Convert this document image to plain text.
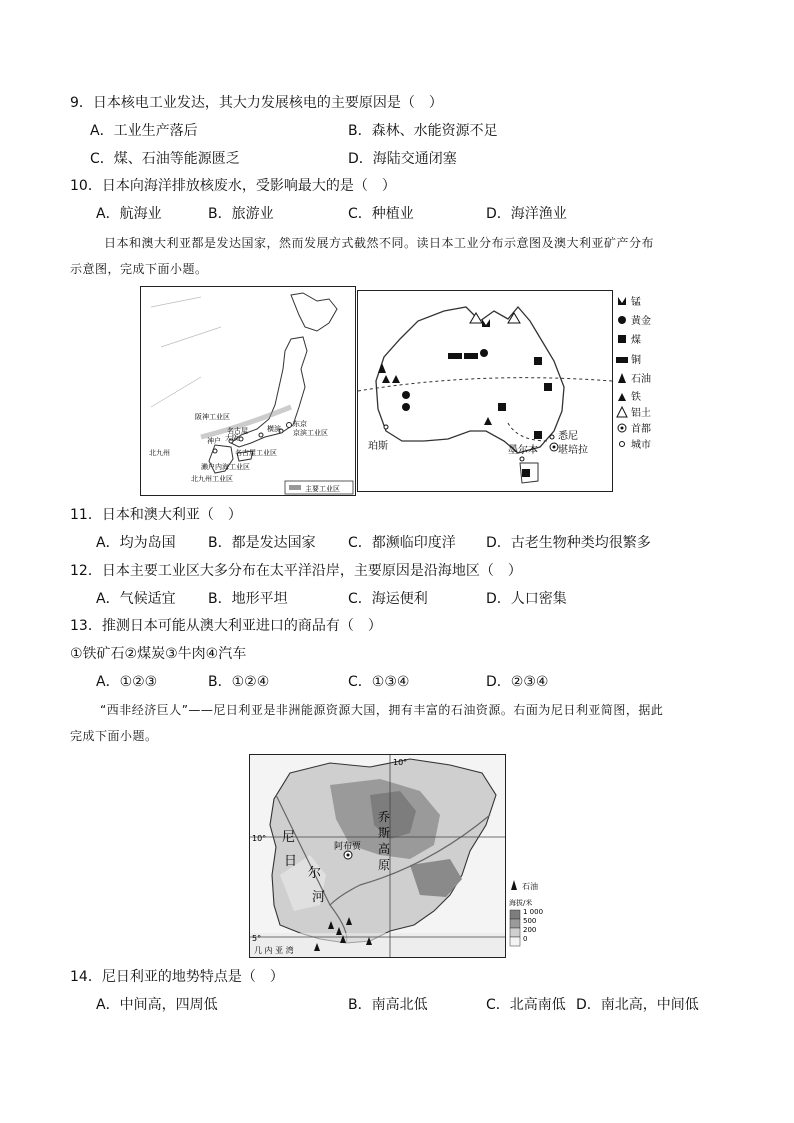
9．日本核电工业发达，其大力发展核电的主要原因是（　）
A．工业生产落后	B．森林、水能资源不足
C．煤、石油等能源匮乏	D．海陆交通闭塞
10．日本向海洋排放核废水，受影响最大的是（　）
A．航海业	B．旅游业	C．种植业	D．海洋渔业
日本和澳大利亚都是发达国家，然而发展方式截然不同。读日本工业分布示意图及澳大利亚矿产分布
示意图，完成下面小题。
阪神工业区
东京
横滨 京滨工业区
名古屋
神户 大阪
名古屋工业区
北九州
濑户内海工业区
北九州工业区
主要工业区
珀斯	墨尔本
悉尼
堪培拉
锰
黄金
煤
铜
石油
铁
铝土
首都
城市
11．日本和澳大利亚（　）
A．均为岛国 B．都是发达国家 C．都濒临印度洋 D．古老生物种类均很繁多
12．日本主要工业区大多分布在太平洋沿岸，主要原因是沿海地区（　）
A．气候适宜 B．地形平坦	C．海运便利	D．人口密集
13．推测日本可能从澳大利亚进口的商品有（　）
①铁矿石②煤炭③牛肉④汽车
A．①②③	B．①②④	C．①③④	D．②③④
“西非经济巨人”——尼日利亚是非洲能源资源大国，拥有丰富的石油资源。右面为尼日利亚简图，据此
完成下面小题。
10°
10°
5°
乔
斯
高
原
尼
日
尔
河
阿布贾
几 内 亚 湾
石油
海拔/米
1 000
500
200
0
14．尼日利亚的地势特点是（　）
A．中间高，四周低	B．南高北低	C．北高南低 D．南北高，中间低
